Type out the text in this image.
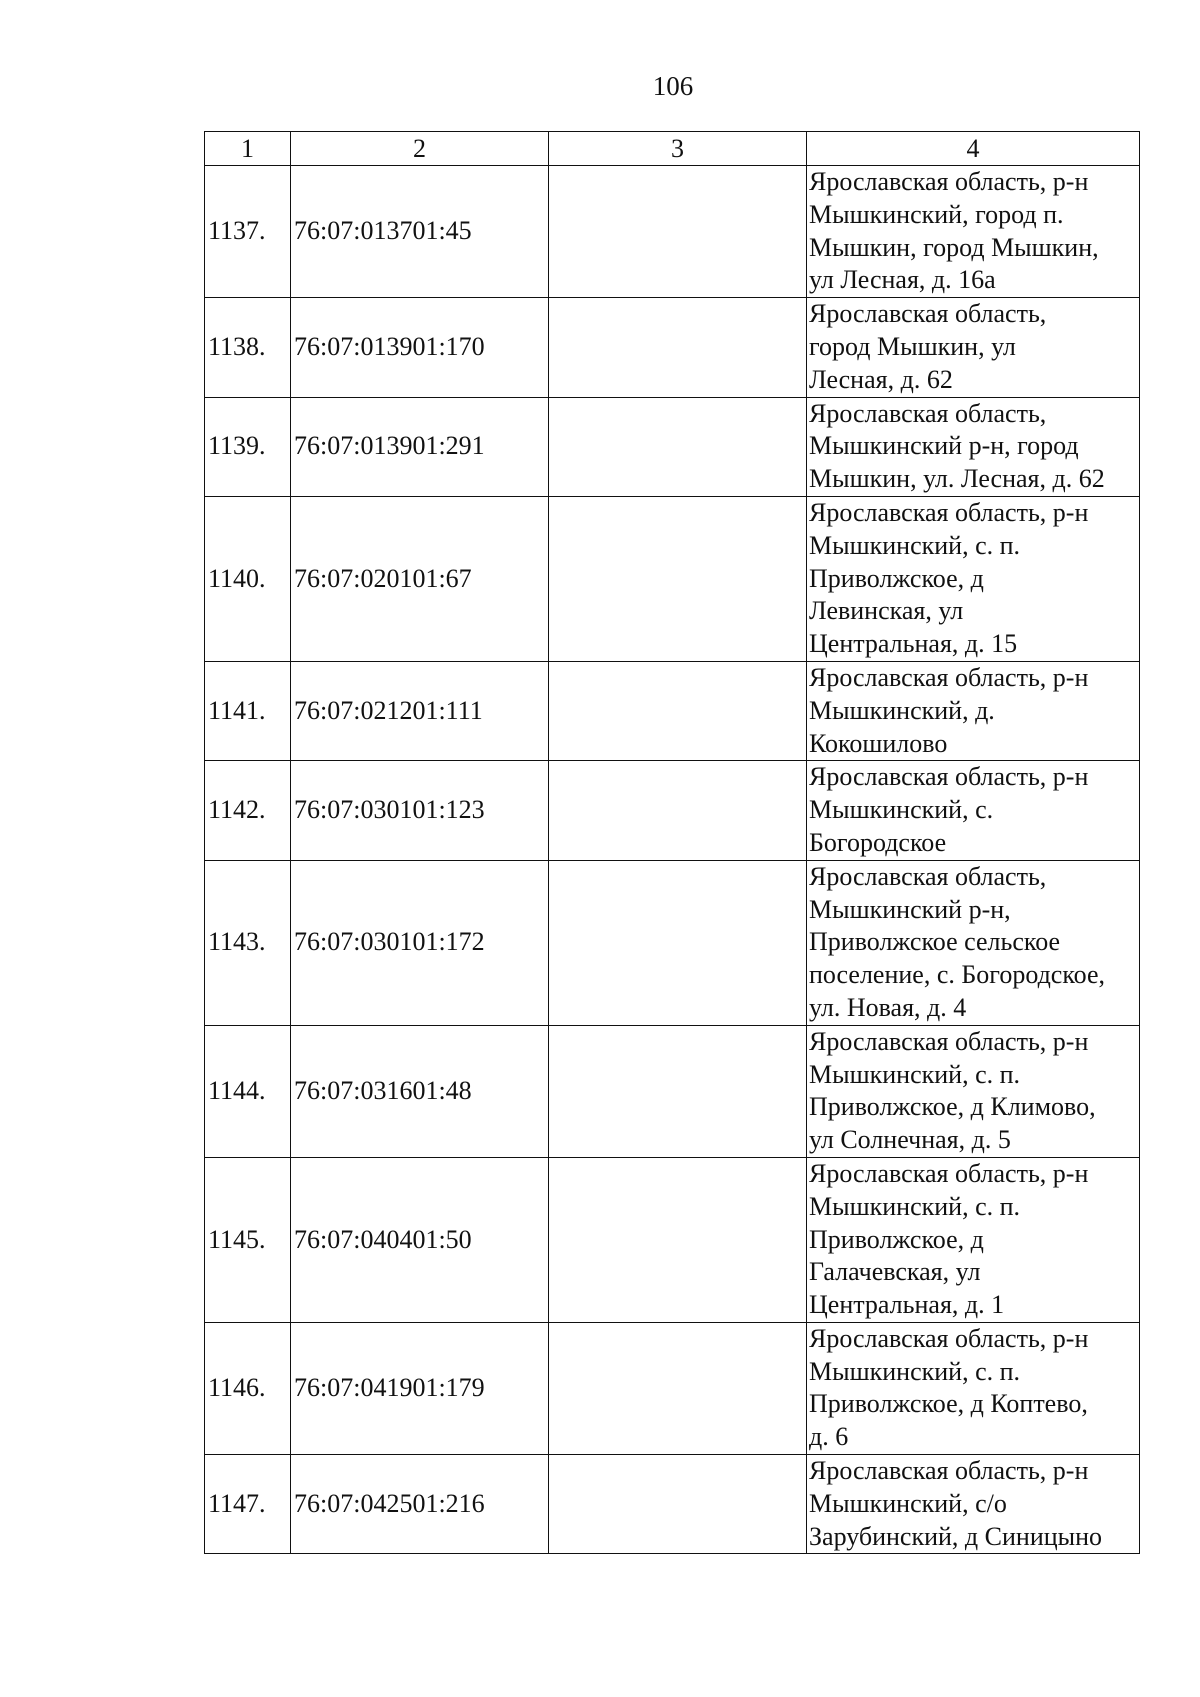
106
1	2	3	4
1137.	76:07:013701:45		Ярославская область, р-н
Мышкинский, город п.
Мышкин, город Мышкин,
ул Лесная, д. 16а

1138.	76:07:013901:170		Ярославская область,
город Мышкин, ул
Лесная, д. 62

1139.	76:07:013901:291		Ярославская область,
Мышкинский р-н, город
Мышкин, ул. Лесная, д. 62

1140.	76:07:020101:67		Ярославская область, р-н
Мышкинский, с. п.
Приволжское, д
Левинская, ул
Центральная, д. 15

1141.	76:07:021201:111		Ярославская область, р-н
Мышкинский, д.
Кокошилово

1142.	76:07:030101:123		Ярославская область, р-н
Мышкинский, с.
Богородское

1143.	76:07:030101:172		Ярославская область,
Мышкинский р-н,
Приволжское сельское
поселение, с. Богородское,
ул. Новая, д. 4

1144.	76:07:031601:48		Ярославская область, р-н
Мышкинский, с. п.
Приволжское, д Климово,
ул Солнечная, д. 5

1145.	76:07:040401:50		Ярославская область, р-н
Мышкинский, с. п.
Приволжское, д
Галачевская, ул
Центральная, д. 1

1146.	76:07:041901:179		Ярославская область, р-н
Мышкинский, с. п.
Приволжское, д Коптево,
д. 6

1147.	76:07:042501:216		Ярославская область, р-н
Мышкинский, с/о
Зарубинский, д Синицыно
